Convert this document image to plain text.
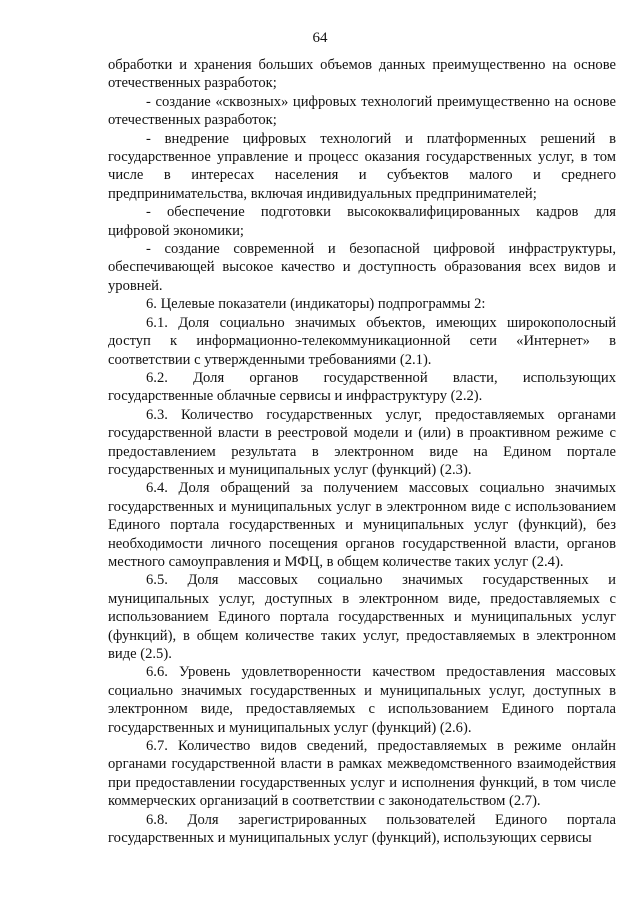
64

обработки и хранения больших объемов данных преимущественно на основе отечественных разработок;

- создание «сквозных» цифровых технологий преимущественно на основе отечественных разработок;

- внедрение цифровых технологий и платформенных решений в государственное управление и процесс оказания государственных услуг, в том числе в интересах населения и субъектов малого и среднего предпринимательства, включая индивидуальных предпринимателей;

- обеспечение подготовки высококвалифицированных кадров для цифровой экономики;

- создание современной и безопасной цифровой инфраструктуры, обеспечивающей высокое качество и доступность образования всех видов и уровней.

6. Целевые показатели (индикаторы) подпрограммы 2:

6.1. Доля социально значимых объектов, имеющих широкополосный доступ к информационно-телекоммуникационной сети «Интернет» в соответствии с утвержденными требованиями (2.1).

6.2. Доля органов государственной власти, использующих государственные облачные сервисы и инфраструктуру (2.2).

6.3. Количество государственных услуг, предоставляемых органами государственной власти в реестровой модели и (или) в проактивном режиме с предоставлением результата в электронном виде на Едином портале государственных и муниципальных услуг (функций) (2.3).

6.4. Доля обращений за получением массовых социально значимых государственных и муниципальных услуг в электронном виде с использованием Единого портала государственных и муниципальных услуг (функций), без необходимости личного посещения органов государственной власти, органов местного самоуправления и МФЦ, в общем количестве таких услуг (2.4).

6.5. Доля массовых социально значимых государственных и муниципальных услуг, доступных в электронном виде, предоставляемых с использованием Единого портала государственных и муниципальных услуг (функций), в общем количестве таких услуг, предоставляемых в электронном виде (2.5).

6.6. Уровень удовлетворенности качеством предоставления массовых социально значимых государственных и муниципальных услуг, доступных в электронном виде, предоставляемых с использованием Единого портала государственных и муниципальных услуг (функций) (2.6).

6.7. Количество видов сведений, предоставляемых в режиме онлайн органами государственной власти в рамках межведомственного взаимодействия при предоставлении государственных услуг и исполнения функций, в том числе коммерческих организаций в соответствии с законодательством (2.7).

6.8. Доля зарегистрированных пользователей Единого портала государственных и муниципальных услуг (функций), использующих сервисы
